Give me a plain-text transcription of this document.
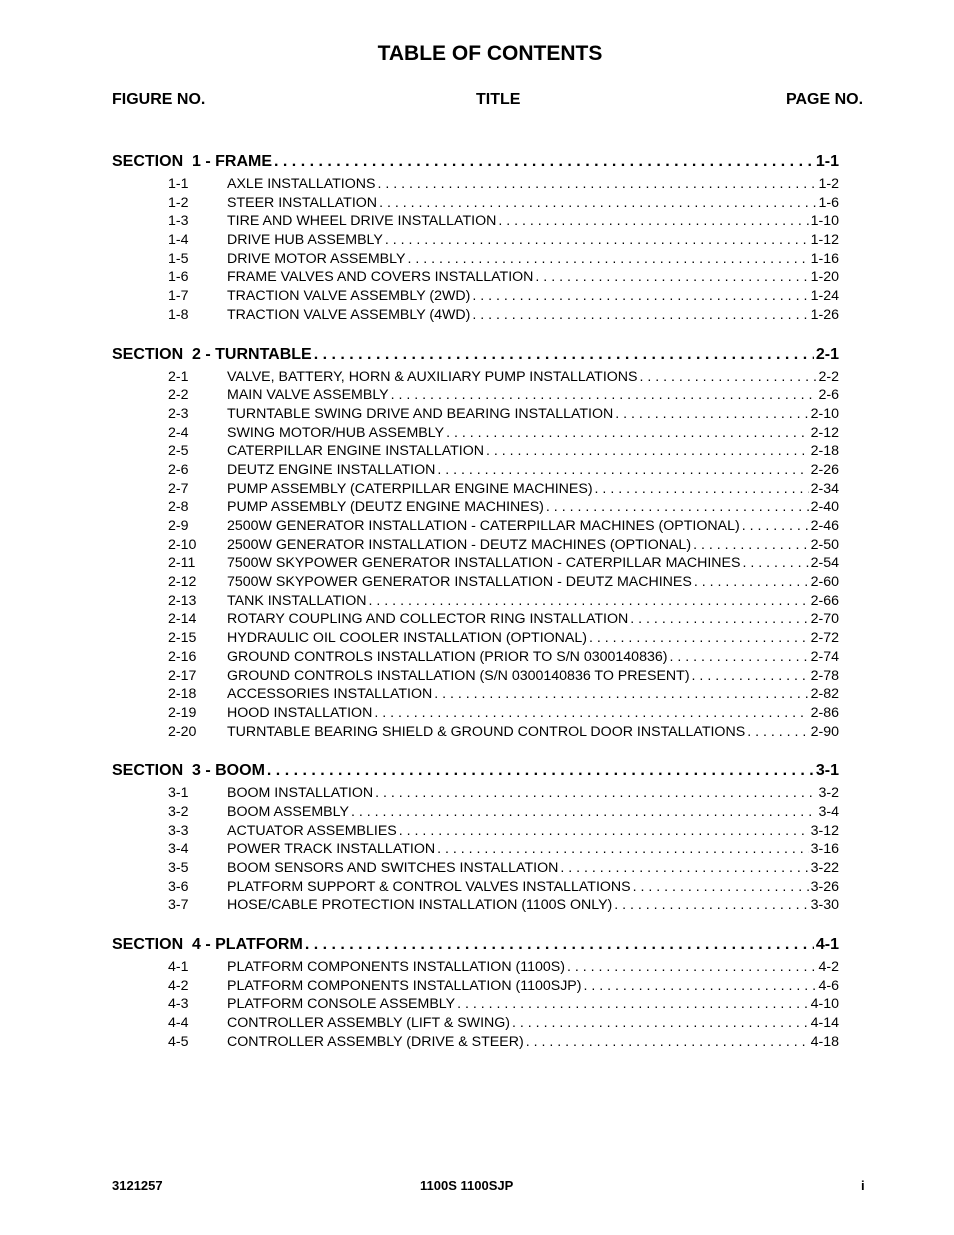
TABLE OF CONTENTS
FIGURE NO.	TITLE	PAGE NO.
SECTION  1 - FRAME . . .	1-1
1-1	AXLE INSTALLATIONS . . .	1-2
1-2	STEER INSTALLATION . . .	1-6
1-3	TIRE AND WHEEL DRIVE INSTALLATION . . .	1-10
1-4	DRIVE HUB ASSEMBLY . . .	1-12
1-5	DRIVE MOTOR ASSEMBLY . . .	1-16
1-6	FRAME VALVES AND COVERS INSTALLATION . . .	1-20
1-7	TRACTION VALVE ASSEMBLY (2WD) . . .	1-24
1-8	TRACTION VALVE ASSEMBLY (4WD) . . .	1-26
SECTION  2 - TURNTABLE . . .	2-1
2-1	VALVE, BATTERY, HORN & AUXILIARY PUMP INSTALLATIONS . . .	2-2
2-2	MAIN VALVE ASSEMBLY . . .	2-6
2-3	TURNTABLE SWING DRIVE AND BEARING INSTALLATION . . .	2-10
2-4	SWING MOTOR/HUB ASSEMBLY . . .	2-12
2-5	CATERPILLAR ENGINE INSTALLATION . . .	2-18
2-6	DEUTZ ENGINE INSTALLATION . . .	2-26
2-7	PUMP ASSEMBLY (CATERPILLAR ENGINE MACHINES) . . .	2-34
2-8	PUMP ASSEMBLY (DEUTZ ENGINE MACHINES) . . .	2-40
2-9	2500W GENERATOR INSTALLATION - CATERPILLAR MACHINES (OPTIONAL) . . .	2-46
2-10	2500W GENERATOR INSTALLATION - DEUTZ MACHINES (OPTIONAL) . . .	2-50
2-11	7500W SKYPOWER GENERATOR INSTALLATION - CATERPILLAR MACHINES . . .	2-54
2-12	7500W SKYPOWER GENERATOR INSTALLATION - DEUTZ MACHINES . . .	2-60
2-13	TANK INSTALLATION . . .	2-66
2-14	ROTARY COUPLING AND COLLECTOR RING INSTALLATION . . .	2-70
2-15	HYDRAULIC OIL COOLER INSTALLATION (OPTIONAL) . . .	2-72
2-16	GROUND CONTROLS INSTALLATION (PRIOR TO S/N 0300140836) . . .	2-74
2-17	GROUND CONTROLS INSTALLATION (S/N 0300140836 TO PRESENT) . . .	2-78
2-18	ACCESSORIES INSTALLATION . . .	2-82
2-19	HOOD INSTALLATION . . .	2-86
2-20	TURNTABLE BEARING SHIELD & GROUND CONTROL DOOR INSTALLATIONS . . .	2-90
SECTION  3 - BOOM . . .	3-1
3-1	BOOM INSTALLATION . . .	3-2
3-2	BOOM ASSEMBLY . . .	3-4
3-3	ACTUATOR ASSEMBLIES . . .	3-12
3-4	POWER TRACK INSTALLATION . . .	3-16
3-5	BOOM SENSORS AND SWITCHES INSTALLATION . . .	3-22
3-6	PLATFORM SUPPORT & CONTROL VALVES INSTALLATIONS . . .	3-26
3-7	HOSE/CABLE PROTECTION INSTALLATION (1100S ONLY) . . .	3-30
SECTION  4 - PLATFORM . . .	4-1
4-1	PLATFORM COMPONENTS INSTALLATION (1100S) . . .	4-2
4-2	PLATFORM COMPONENTS INSTALLATION (1100SJP) . . .	4-6
4-3	PLATFORM CONSOLE ASSEMBLY . . .	4-10
4-4	CONTROLLER ASSEMBLY (LIFT & SWING) . . .	4-14
4-5	CONTROLLER ASSEMBLY (DRIVE & STEER) . . .	4-18
3121257	1100S 1100SJP	i
